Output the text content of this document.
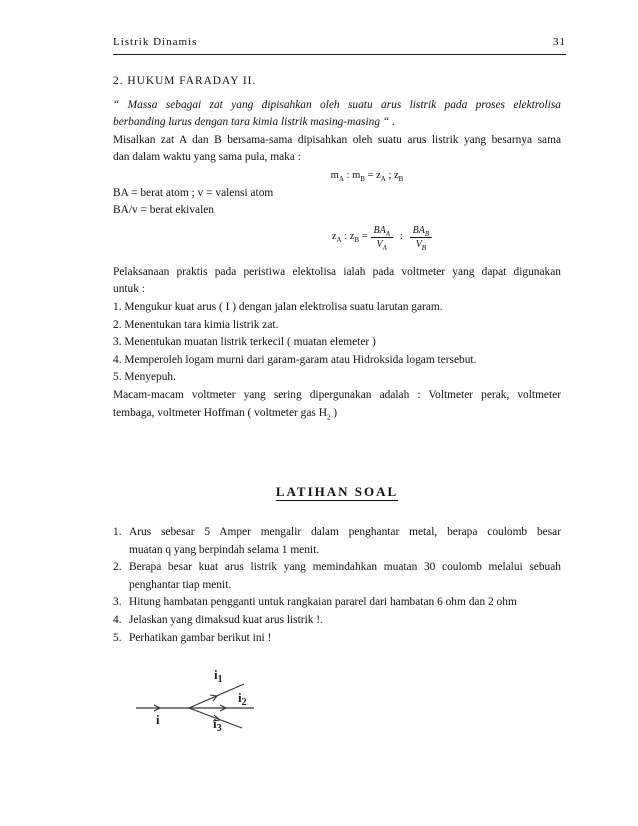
Listrik Dinamis	31

2. HUKUM FARADAY II.

“ Massa sebagai zat yang dipisahkan oleh suatu arus listrik pada proses elektrolisa

berbanding lurus dengan tara kimia listrik masing-masing “ .

Misalkan zat A dan B bersama-sama dipisahkan oleh suatu arus listrik yang besarnya sama

dan dalam waktu yang sama pula, maka :

$m_A$ : $m_B = z_A$ ; $z_B$

BA = berat atom ; v = valensi atom

BA/v = berat ekivalen

$z_A$ : $z_B = \frac{BA_A}{V_A}$ : $\frac{BA_B}{V_B}$

Pelaksanaan praktis pada peristiwa elektolisa ialah pada voltmeter yang dapat digunakan

untuk :

1. Mengukur kuat arus ( I ) dengan jalan elektrolisa suatu larutan garam.

2. Menentukan tara kimia listrik zat.

3. Menentukan muatan listrik terkecil ( muatan elemeter )

4. Memperoleh logam murni dari garam-garam atau Hidroksida logam tersebut.

5. Menyepuh.

Macam-macam voltmeter yang sering dipergunakan adalah : Voltmeter perak, voltmeter

tembaga, voltmeter Hoffman ( voltmeter gas $H_2$ )

LATIHAN SOAL
1. Arus sebesar 5 Amper mengalir dalam penghantar metal, berapa coulomb besar
muatan q yang berpindah selama 1 menit.
2. Berapa besar kuat arus listrik yang memindahkan muatan 30 coulomb melalui sebuah
penghantar tiap menit.
3. Hitung hambatan pengganti untuk rangkaian pararel dari hambatan 6 ohm dan 2 ohm
4. Jelaskan yang dimaksud kuat arus listrik !.
5. Perhatikan gambar berikut ini !
i
$i_1$
$i_2$
$i_3$
